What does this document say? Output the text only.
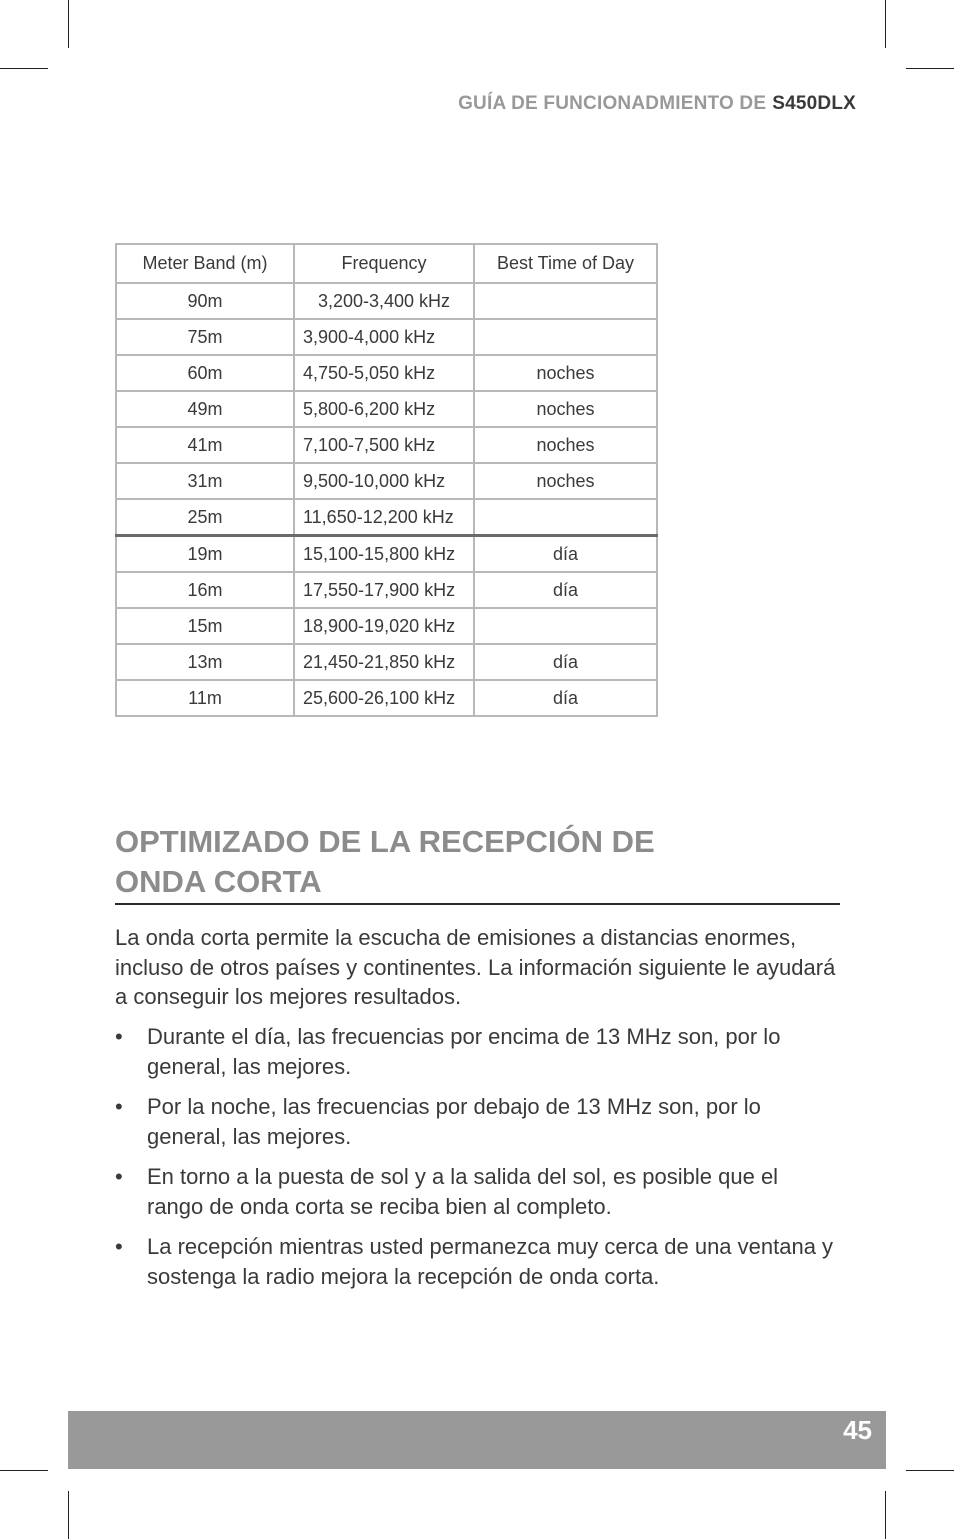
GUÍA DE FUNCIONADMIENTO DE S450DLX
Meter Band (m)	Frequency	Best Time of Day
90m	3,200-3,400 kHz	
75m	3,900-4,000 kHz	
60m	4,750-5,050 kHz	noches
49m	5,800-6,200 kHz	noches
41m	7,100-7,500 kHz	noches
31m	9,500-10,000 kHz	noches
25m	11,650-12,200 kHz	
19m	15,100-15,800 kHz	día
16m	17,550-17,900 kHz	día
15m	18,900-19,020 kHz	
13m	21,450-21,850 kHz	día
11m	25,600-26,100 kHz	día
OPTIMIZADO DE LA RECEPCIÓN DE
ONDA CORTA

La onda corta permite la escucha de emisiones a distancias enormes, incluso de otros países y continentes. La información siguiente le ayudará a conseguir los mejores resultados.

• Durante el día, las frecuencias por encima de 13 MHz son, por lo general, las mejores.
• Por la noche, las frecuencias por debajo de 13 MHz son, por lo general, las mejores.
• En torno a la puesta de sol y a la salida del sol, es posible que el rango de onda corta se reciba bien al completo.
• La recepción mientras usted permanezca muy cerca de una ventana y sostenga la radio mejora la recepción de onda corta.
45
